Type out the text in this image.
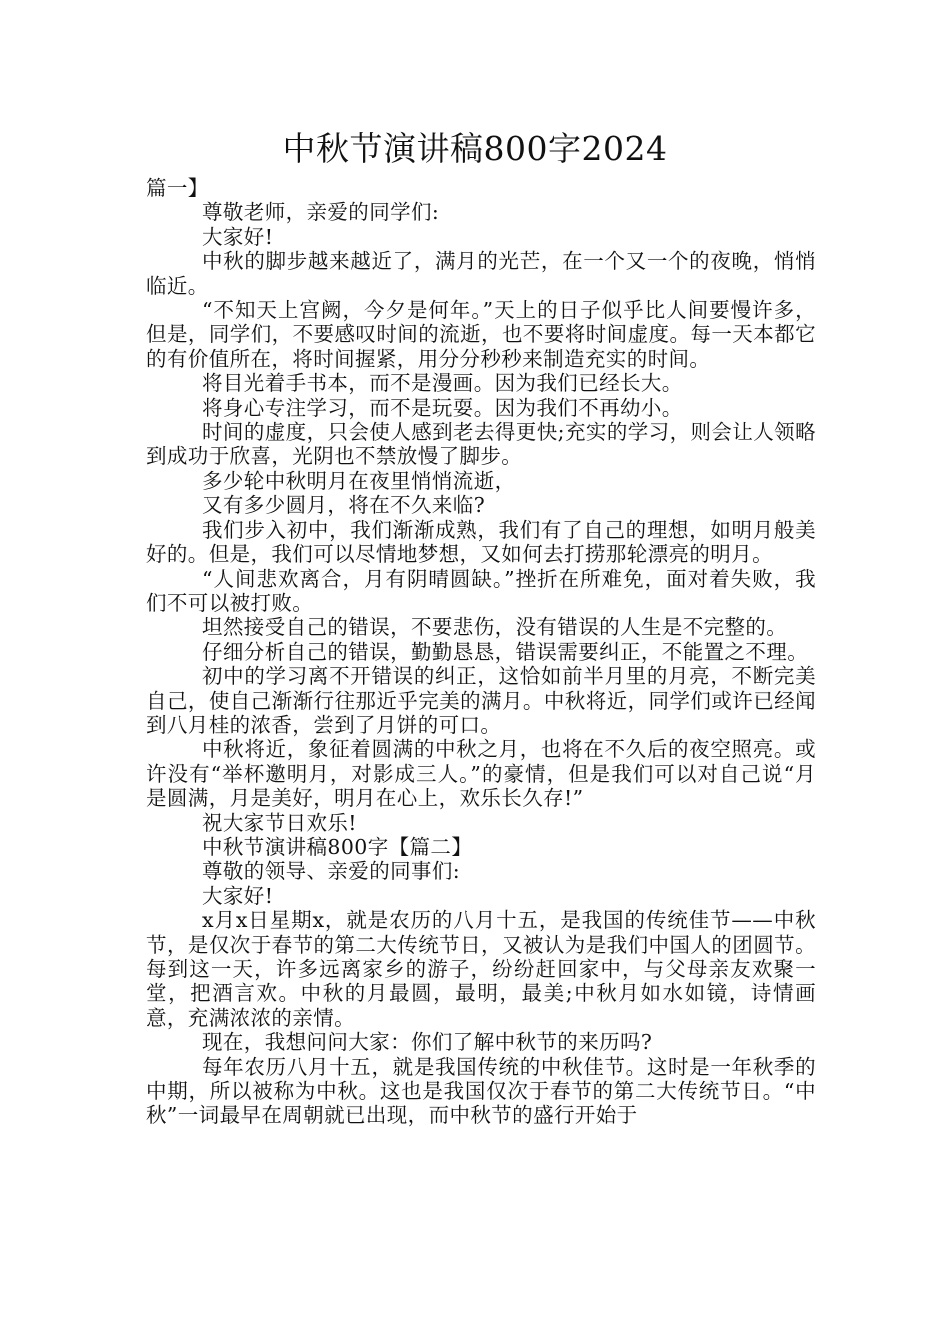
中秋节演讲稿800字2024

篇一】

尊敬老师，亲爱的同学们:

大家好!

中秋的脚步越来越近了，满月的光芒，在一个又一个的夜晚，悄悄临近。

“不知天上宫阙，今夕是何年。”天上的日子似乎比人间要慢许多，但是，同学们，不要感叹时间的流逝，也不要将时间虚度。每一天本都它的有价值所在，将时间握紧，用分分秒秒来制造充实的时间。

将目光着手书本，而不是漫画。因为我们已经长大。

将身心专注学习，而不是玩耍。因为我们不再幼小。

时间的虚度，只会使人感到老去得更快;充实的学习，则会让人领略到成功于欣喜，光阴也不禁放慢了脚步。

多少轮中秋明月在夜里悄悄流逝，

又有多少圆月，将在不久来临?

我们步入初中，我们渐渐成熟，我们有了自己的理想，如明月般美好的。但是，我们可以尽情地梦想，又如何去打捞那轮漂亮的明月。

“人间悲欢离合，月有阴晴圆缺。”挫折在所难免，面对着失败，我们不可以被打败。

坦然接受自己的错误，不要悲伤，没有错误的人生是不完整的。

仔细分析自己的错误，勤勤恳恳，错误需要纠正，不能置之不理。

初中的学习离不开错误的纠正，这恰如前半月里的月亮，不断完美自己，使自己渐渐行往那近乎完美的满月。中秋将近，同学们或许已经闻到八月桂的浓香，尝到了月饼的可口。

中秋将近，象征着圆满的中秋之月，也将在不久后的夜空照亮。或许没有“举杯邀明月，对影成三人。”的豪情，但是我们可以对自己说“月是圆满，月是美好，明月在心上，欢乐长久存!”

祝大家节日欢乐!

中秋节演讲稿800字【篇二】

尊敬的领导、亲爱的同事们:

大家好!

x月x日星期x，就是农历的八月十五，是我国的传统佳节——中秋节，是仅次于春节的第二大传统节日，又被认为是我们中国人的团圆节。每到这一天，许多远离家乡的游子，纷纷赶回家中，与父母亲友欢聚一堂，把酒言欢。中秋的月最圆，最明，最美;中秋月如水如镜，诗情画意，充满浓浓的亲情。

现在，我想问问大家：你们了解中秋节的来历吗?

每年农历八月十五，就是我国传统的中秋佳节。这时是一年秋季的中期，所以被称为中秋。这也是我国仅次于春节的第二大传统节日。“中秋”一词最早在周朝就已出现，而中秋节的盛行开始于
